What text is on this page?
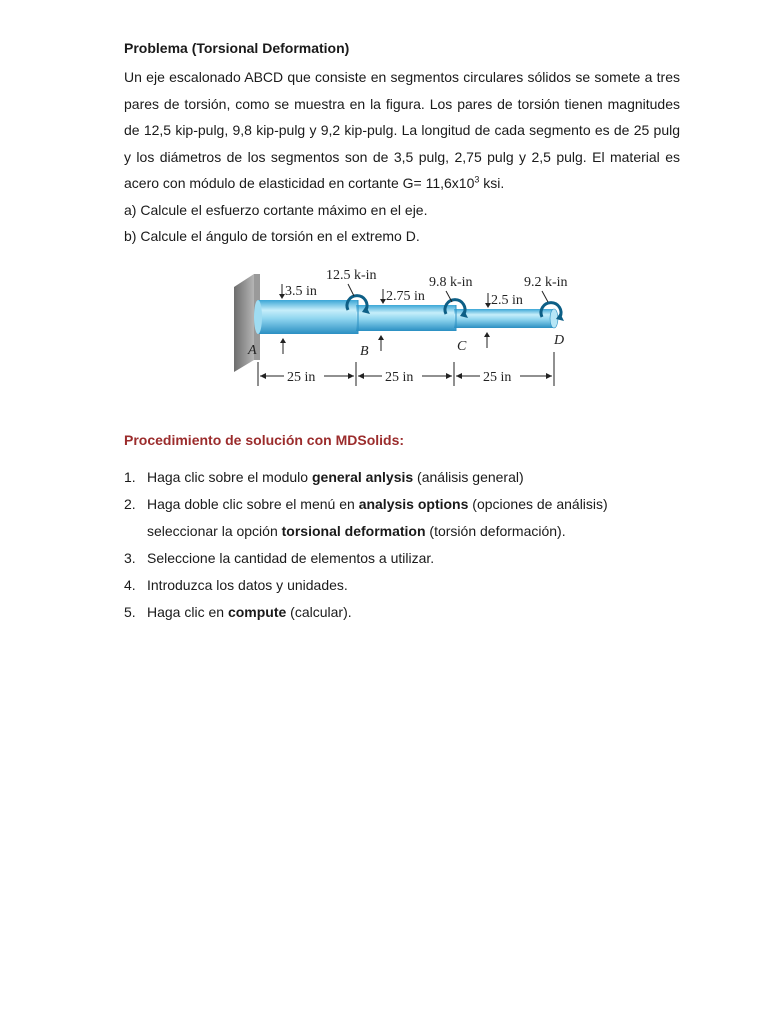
Problema (Torsional Deformation)

Un eje escalonado ABCD que consiste en segmentos circulares sólidos se somete a tres pares de torsión, como se muestra en la figura. Los pares de torsión tienen magnitudes de 12,5 kip-pulg, 9,8 kip-pulg y 9,2 kip-pulg. La longitud de cada segmento es de 25 pulg y los diámetros de los segmentos son de 3,5 pulg, 2,75 pulg y 2,5 pulg. El material es acero con módulo de elasticidad en cortante $G= 11,6x10^3$ ksi.

a) Calcule el esfuerzo cortante máximo en el eje.

b) Calcule el ángulo de torsión en el extremo D.

12.5 k-in	9.8 k-in	9.2 k-in
3.5 in	2.75 in	2.5 in
A	B	C	D
25 in	25 in	25 in

Procedimiento de solución con MDSolids:

1. Haga clic sobre el modulo general anlysis (análisis general)
2. Haga doble clic sobre el menú en analysis options (opciones de análisis)
seleccionar la opción torsional deformation (torsión deformación).
3. Seleccione la cantidad de elementos a utilizar.
4. Introduzca los datos y unidades.
5. Haga clic en compute (calcular).
